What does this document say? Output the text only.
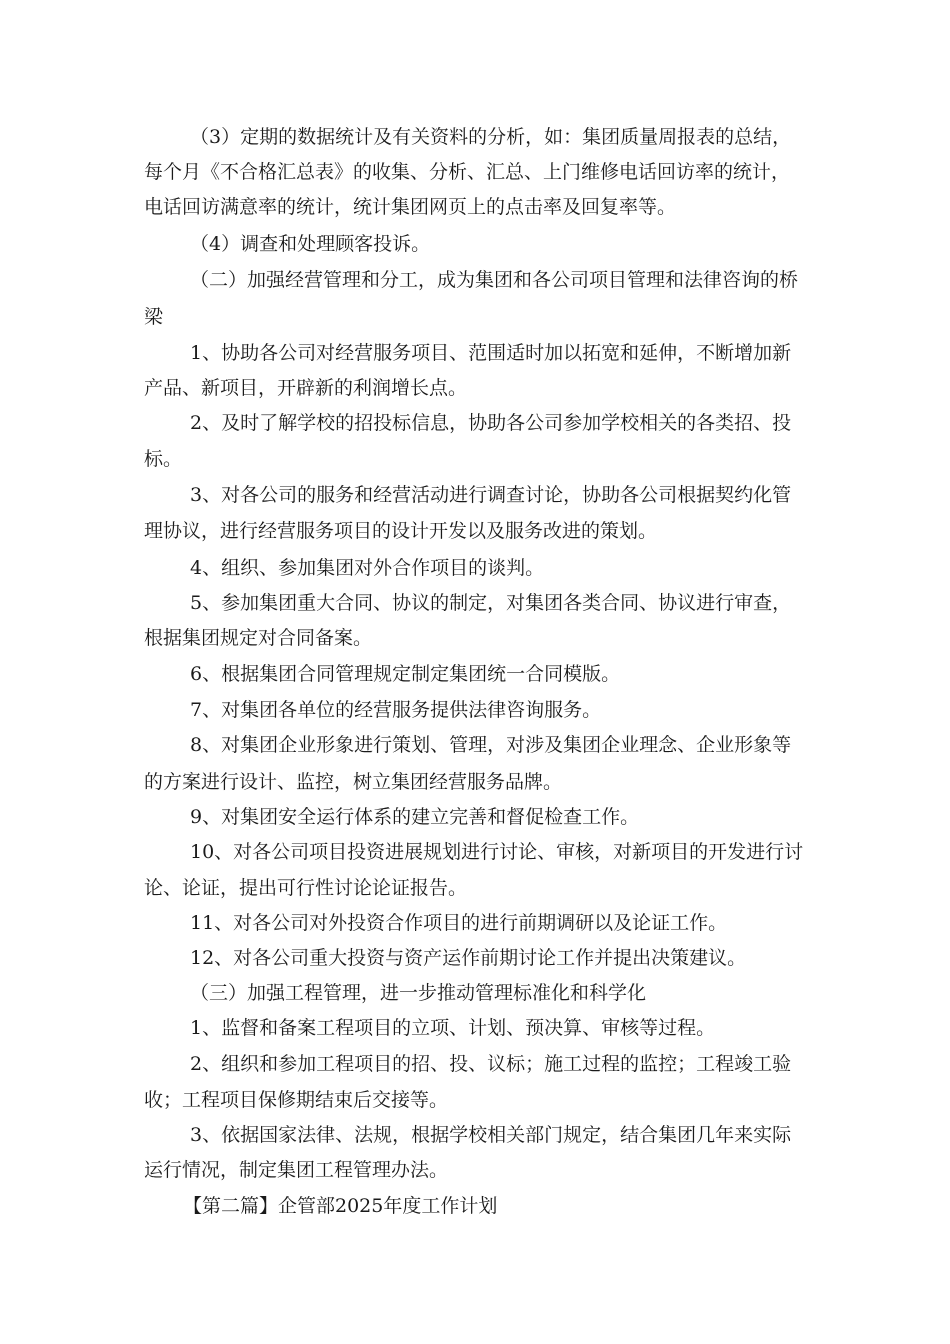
（3）定期的数据统计及有关资料的分析，如：集团质量周报表的总结，
每个月《不合格汇总表》的收集、分析、汇总、上门维修电话回访率的统计，
电话回访满意率的统计，统计集团网页上的点击率及回复率等。
（4）调查和处理顾客投诉。
（二）加强经营管理和分工，成为集团和各公司项目管理和法律咨询的桥
梁
1、协助各公司对经营服务项目、范围适时加以拓宽和延伸，不断增加新
产品、新项目，开辟新的利润增长点。
2、及时了解学校的招投标信息，协助各公司参加学校相关的各类招、投
标。
3、对各公司的服务和经营活动进行调查讨论，协助各公司根据契约化管
理协议，进行经营服务项目的设计开发以及服务改进的策划。
4、组织、参加集团对外合作项目的谈判。
5、参加集团重大合同、协议的制定，对集团各类合同、协议进行审查，
根据集团规定对合同备案。
6、根据集团合同管理规定制定集团统一合同模版。
7、对集团各单位的经营服务提供法律咨询服务。
8、对集团企业形象进行策划、管理，对涉及集团企业理念、企业形象等
的方案进行设计、监控，树立集团经营服务品牌。
9、对集团安全运行体系的建立完善和督促检查工作。
10、对各公司项目投资进展规划进行讨论、审核，对新项目的开发进行讨
论、论证，提出可行性讨论论证报告。
11、对各公司对外投资合作项目的进行前期调研以及论证工作。
12、对各公司重大投资与资产运作前期讨论工作并提出决策建议。
（三）加强工程管理，进一步推动管理标准化和科学化
1、监督和备案工程项目的立项、计划、预决算、审核等过程。
2、组织和参加工程项目的招、投、议标；施工过程的监控；工程竣工验
收；工程项目保修期结束后交接等。
3、依据国家法律、法规，根据学校相关部门规定，结合集团几年来实际
运行情况，制定集团工程管理办法。
【第二篇】企管部2025年度工作计划
